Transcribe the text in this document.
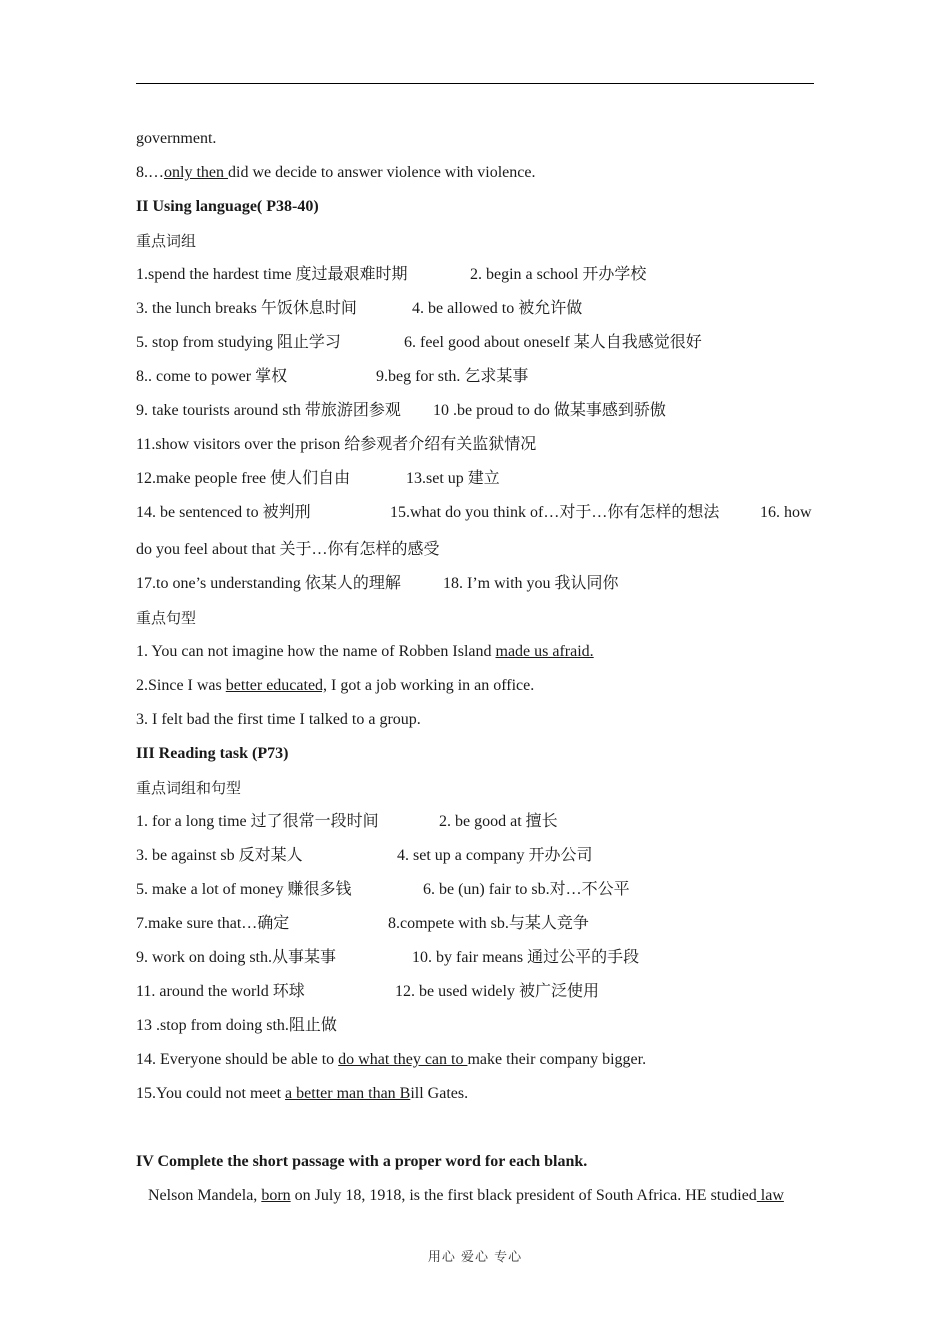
government.
8.…only then did we decide to answer violence with violence.
II Using language( P38-40)
重点词组
1.spend the hardest time 度过最艰难时期	2. begin a school 开办学校
3. the lunch breaks 午饭休息时间	4. be allowed to 被允许做
5. stop from studying 阻止学习	6. feel good about oneself 某人自我感觉很好
8.. come to power 掌权	9.beg for sth. 乞求某事
9. take tourists around sth 带旅游团参观 10 .be proud to do 做某事感到骄傲
11.show visitors over the prison 给参观者介绍有关监狱情况
12.make people free 使人们自由	13.set up 建立
14. be sentenced to 被判刑	15.what do you think of…对于…你有怎样的想法	16. how
do you feel about that 关于…你有怎样的感受
17.to one’s understanding 依某人的理解	18. I’m with you 我认同你
重点句型
1. You can not imagine how the name of Robben Island made us afraid.
2.Since I was better educated, I got a job working in an office.
3. I felt bad the first time I talked to a group.
III Reading task (P73)
重点词组和句型
1. for a long time 过了很常一段时间	2. be good at 擅长
3. be against sb 反对某人	4. set up a company 开办公司
5. make a lot of money 赚很多钱	6. be (un) fair to sb.对…不公平
7.make sure that…确定	8.compete with sb.与某人竞争
9. work on doing sth.从事某事	10. by fair means 通过公平的手段
11. around the world 环球	12. be used widely 被广泛使用
13 .stop from doing sth.阻止做
14. Everyone should be able to do what they can to make their company bigger.
15.You could not meet a better man than Bill Gates.
IV Complete the short passage with a proper word for each blank.
Nelson Mandela, born on July 18, 1918, is the first black president of South Africa. HE studied law
用心 爱心 专心
